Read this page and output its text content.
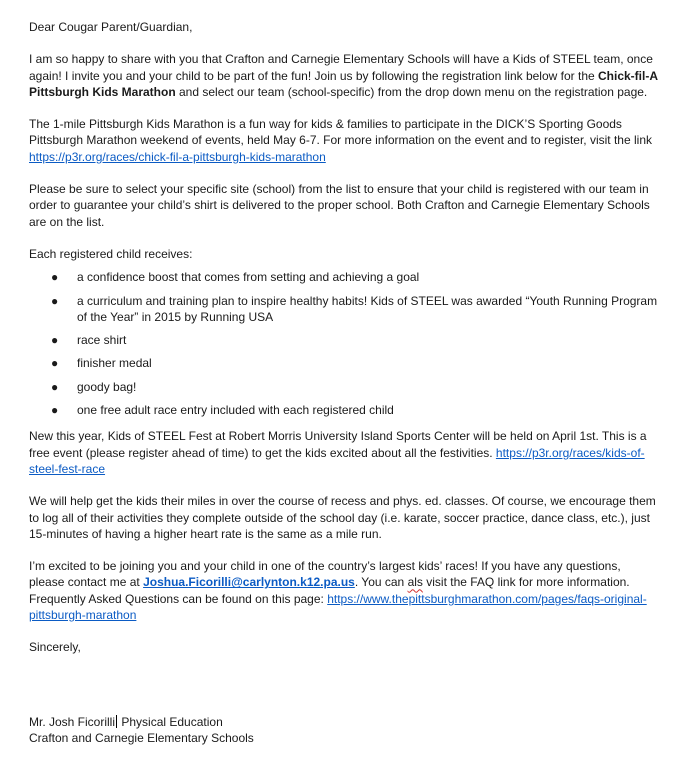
Dear Cougar Parent/Guardian,

I am so happy to share with you that Crafton and Carnegie Elementary Schools will have a Kids of STEEL team, once again! I invite you and your child to be part of the fun! Join us by following the registration link below for the Chick-fil-A Pittsburgh Kids Marathon and select our team (school-specific) from the drop down menu on the registration page.

The 1-mile Pittsburgh Kids Marathon is a fun way for kids & families to participate in the DICK’S Sporting Goods Pittsburgh Marathon weekend of events, held May 6-7. For more information on the event and to register, visit the link https://p3r.org/races/chick-fil-a-pittsburgh-kids-marathon

Please be sure to select your specific site (school) from the list to ensure that your child is registered with our team in order to guarantee your child’s shirt is delivered to the proper school. Both Crafton and Carnegie Elementary Schools are on the list.

Each registered child receives:

● a confidence boost that comes from setting and achieving a goal
● a curriculum and training plan to inspire healthy habits! Kids of STEEL was awarded “Youth Running Program of the Year” in 2015 by Running USA
● race shirt
● finisher medal
● goody bag!
● one free adult race entry included with each registered child

New this year, Kids of STEEL Fest at Robert Morris University Island Sports Center will be held on April 1st. This is a free event (please register ahead of time) to get the kids excited about all the festivities. https://p3r.org/races/kids-of-steel-fest-race

We will help get the kids their miles in over the course of recess and phys. ed. classes. Of course, we encourage them to log all of their activities they complete outside of the school day (i.e. karate, soccer practice, dance class, etc.), just 15-minutes of having a higher heart rate is the same as a mile run.

I’m excited to be joining you and your child in one of the country’s largest kids’ races! If you have any questions, please contact me at Joshua.Ficorilli@carlynton.k12.pa.us. You can als visit the FAQ link for more information. Frequently Asked Questions can be found on this page: https://www.thepittsburghmarathon.com/pages/faqs-original-pittsburgh-marathon

Sincerely,

Mr. Josh Ficorilli Physical Education

Crafton and Carnegie Elementary Schools
